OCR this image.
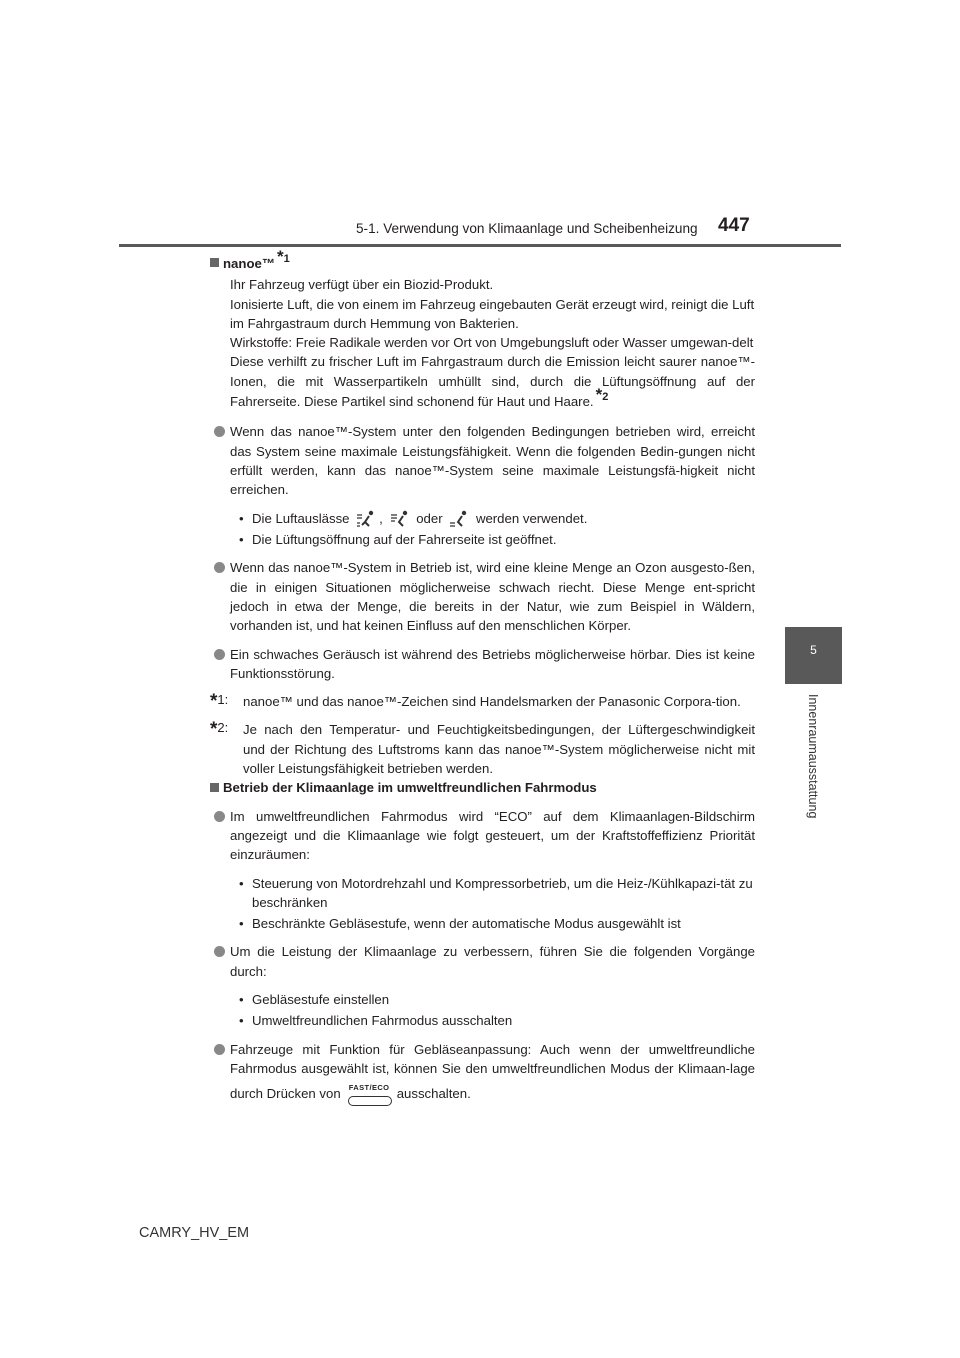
5-1. Verwendung von Klimaanlage und Scheibenheizung 447
5
Innenraumausstattung

nanoe™ *1

Ihr Fahrzeug verfügt über ein Biozid-Produkt.

Ionisierte Luft, die von einem im Fahrzeug eingebauten Gerät erzeugt wird, reinigt die Luft im Fahrgastraum durch Hemmung von Bakterien.

Wirkstoffe: Freie Radikale werden vor Ort von Umgebungsluft oder Wasser umgewan-delt

Diese verhilft zu frischer Luft im Fahrgastraum durch die Emission leicht saurer nanoe™-Ionen, die mit Wasserpartikeln umhüllt sind, durch die Lüftungsöffnung auf der Fahrerseite. Diese Partikel sind schonend für Haut und Haare. *2

Wenn das nanoe™-System unter den folgenden Bedingungen betrieben wird, erreicht das System seine maximale Leistungsfähigkeit. Wenn die folgenden Bedin-gungen nicht erfüllt werden, kann das nanoe™-System seine maximale Leistungsfä-higkeit nicht erreichen.
• Die Luftauslässe ,	oder	werden verwendet.
• Die Lüftungsöffnung auf der Fahrerseite ist geöffnet.
Wenn das nanoe™-System in Betrieb ist, wird eine kleine Menge an Ozon ausgesto-ßen, die in einigen Situationen möglicherweise schwach riecht. Diese Menge ent-spricht jedoch in etwa der Menge, die bereits in der Natur, wie zum Beispiel in Wäldern, vorhanden ist, und hat keinen Einfluss auf den menschlichen Körper.
Ein schwaches Geräusch ist während des Betriebs möglicherweise hörbar. Dies ist keine Funktionsstörung.
*1: nanoe™ und das nanoe™-Zeichen sind Handelsmarken der Panasonic Corpora-tion.
*2: Je nach den Temperatur- und Feuchtigkeitsbedingungen, der Lüftergeschwindigkeit und der Richtung des Luftstroms kann das nanoe™-System möglicherweise nicht mit voller Leistungsfähigkeit betrieben werden.

Betrieb der Klimaanlage im umweltfreundlichen Fahrmodus

Im umweltfreundlichen Fahrmodus wird “ECO” auf dem Klimaanlagen-Bildschirm angezeigt und die Klimaanlage wie folgt gesteuert, um der Kraftstoffeffizienz Priorität einzuräumen:
• Steuerung von Motordrehzahl und Kompressorbetrieb, um die Heiz-/Kühlkapazi-tät zu beschränken
• Beschränkte Gebläsestufe, wenn der automatische Modus ausgewählt ist
Um die Leistung der Klimaanlage zu verbessern, führen Sie die folgenden Vorgänge durch:
• Gebläsestufe einstellen
• Umweltfreundlichen Fahrmodus ausschalten
Fahrzeuge mit Funktion für Gebläseanpassung: Auch wenn der umweltfreundliche Fahrmodus ausgewählt ist, können Sie den umweltfreundlichen Modus der Klimaan-lage durch Drücken von FAST/ECO ausschalten.
CAMRY_HV_EM
